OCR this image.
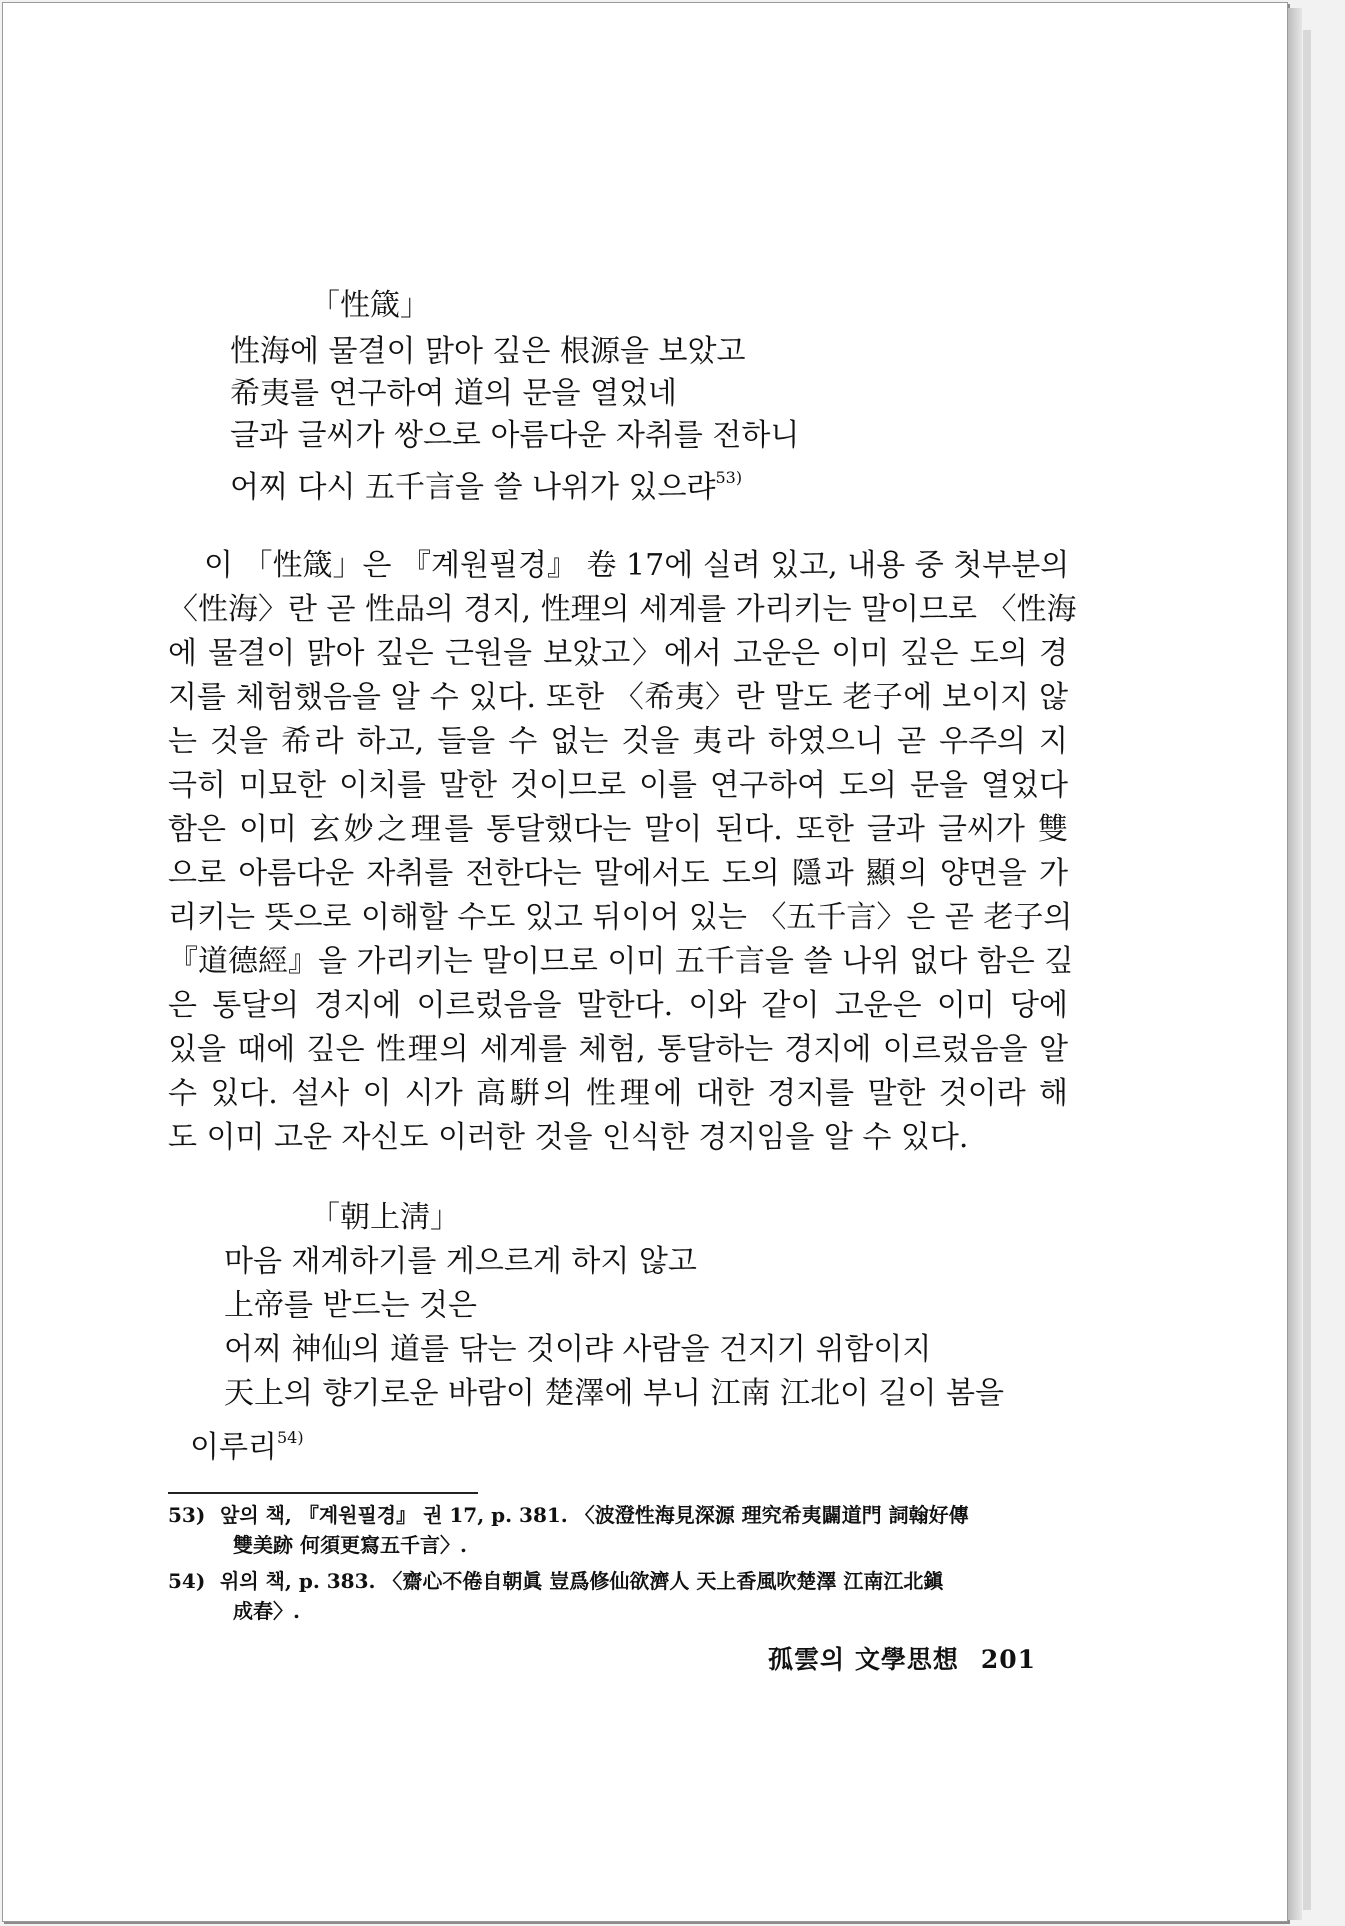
「性箴」
性海에 물결이 맑아 깊은 根源을 보았고
希夷를 연구하여 道의 문을 열었네
글과 글씨가 쌍으로 아름다운 자취를 전하니
어찌 다시 五千言을 쓸 나위가 있으랴$^{53)}$
이 「性箴」은 『계원필경』 卷 17에 실려 있고, 내용 중 첫부분의
〈性海〉란 곧 性品의 경지, 性理의 세계를 가리키는 말이므로 〈性海
에 물결이 맑아 깊은 근원을 보았고〉에서 고운은 이미 깊은 도의 경
지를 체험했음을 알 수 있다. 또한 〈希夷〉란 말도 老子에 보이지 않
는 것을 希라 하고, 들을 수 없는 것을 夷라 하였으니 곧 우주의 지
극히 미묘한 이치를 말한 것이므로 이를 연구하여 도의 문을 열었다
함은 이미 玄妙之理를 통달했다는 말이 된다. 또한 글과 글씨가 雙
으로 아름다운 자취를 전한다는 말에서도 도의 隱과 顯의 양면을 가
리키는 뜻으로 이해할 수도 있고 뒤이어 있는 〈五千言〉은 곧 老子의
『道德經』을 가리키는 말이므로 이미 五千言을 쓸 나위 없다 함은 깊
은 통달의 경지에 이르렀음을 말한다. 이와 같이 고운은 이미 당에
있을 때에 깊은 性理의 세계를 체험, 통달하는 경지에 이르렀음을 알
수 있다. 설사 이 시가 高騈의 性理에 대한 경지를 말한 것이라 해
도 이미 고운 자신도 이러한 것을 인식한 경지임을 알 수 있다.
「朝上淸」
마음 재계하기를 게으르게 하지 않고
上帝를 받드는 것은
어찌 神仙의 道를 닦는 것이랴 사람을 건지기 위함이지
天上의 향기로운 바람이 楚澤에 부니 江南 江北이 길이 봄을
이루리$^{54)}$
53) 앞의 책, 『계원필경』 권 17, p. 381. 〈波澄性海見深源 理究希夷闢道門 詞翰好傳
雙美跡 何須更寫五千言〉.
54) 위의 책, p. 383. 〈齋心不倦自朝眞 豈爲修仙欲濟人 天上香風吹楚澤 江南江北鎭
成春〉.
孤雲의 文學思想 201
